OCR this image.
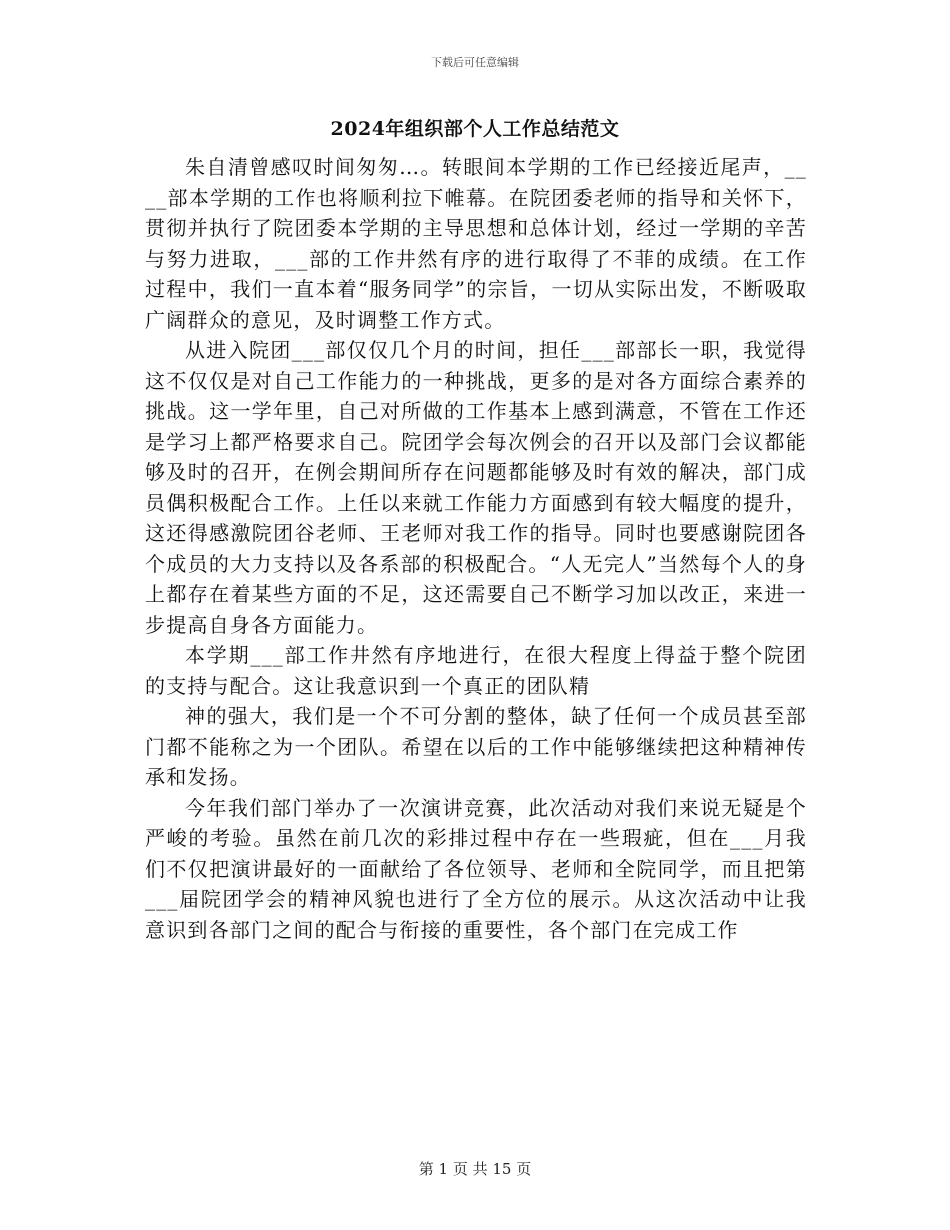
下载后可任意编辑
2024年组织部个人工作总结范文

朱自清曾感叹时间匆匆…。转眼间本学期的工作已经接近尾声，____部本学期的工作也将顺利拉下帷幕。在院团委老师的指导和关怀下，贯彻并执行了院团委本学期的主导思想和总体计划，经过一学期的辛苦与努力进取，___部的工作井然有序的进行取得了不菲的成绩。在工作过程中，我们一直本着“服务同学”的宗旨，一切从实际出发，不断吸取广阔群众的意见，及时调整工作方式。

从进入院团___部仅仅几个月的时间，担任___部部长一职，我觉得这不仅仅是对自己工作能力的一种挑战，更多的是对各方面综合素养的挑战。这一学年里，自己对所做的工作基本上感到满意，不管在工作还是学习上都严格要求自己。院团学会每次例会的召开以及部门会议都能够及时的召开，在例会期间所存在问题都能够及时有效的解决，部门成员偶积极配合工作。上任以来就工作能力方面感到有较大幅度的提升，这还得感激院团谷老师、王老师对我工作的指导。同时也要感谢院团各个成员的大力支持以及各系部的积极配合。“人无完人”当然每个人的身上都存在着某些方面的不足，这还需要自己不断学习加以改正，来进一步提高自身各方面能力。

本学期___部工作井然有序地进行，在很大程度上得益于整个院团的支持与配合。这让我意识到一个真正的团队精

神的强大，我们是一个不可分割的整体，缺了任何一个成员甚至部门都不能称之为一个团队。希望在以后的工作中能够继续把这种精神传承和发扬。

今年我们部门举办了一次演讲竞赛，此次活动对我们来说无疑是个严峻的考验。虽然在前几次的彩排过程中存在一些瑕疵，但在___月我们不仅把演讲最好的一面献给了各位领导、老师和全院同学，而且把第___届院团学会的精神风貌也进行了全方位的展示。从这次活动中让我意识到各部门之间的配合与衔接的重要性，各个部门在完成工作

第 1 页 共 15 页
